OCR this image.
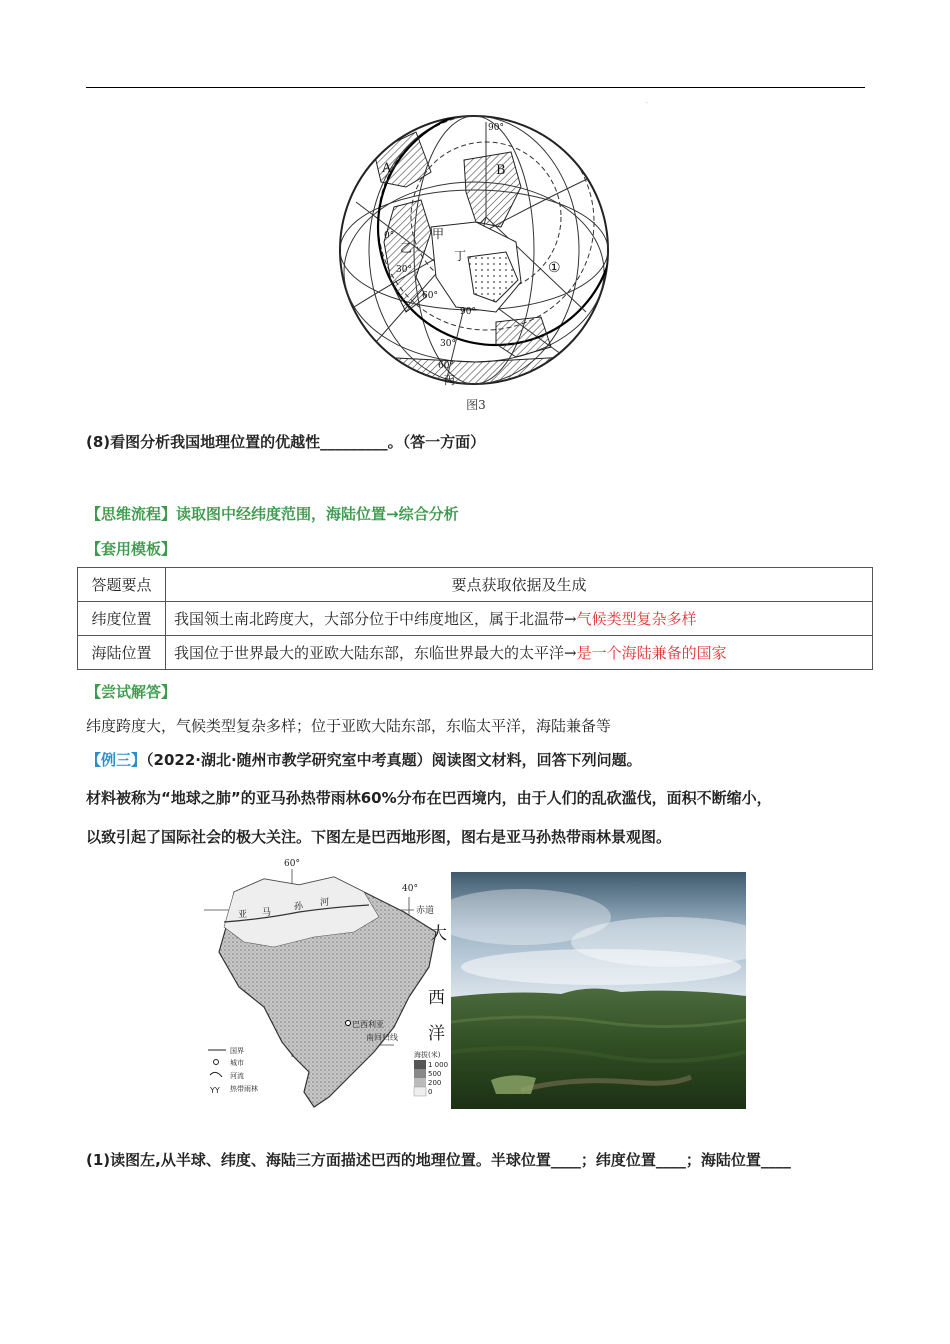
.
A	B
甲
乙
丁
丙
①
90°
0°
30°
60°
90°
30°
60°
图3
(8)看图分析我国地理位置的优越性_________。（答一方面）
【思维流程】读取图中经纬度范围，海陆位置→综合分析
【套用模板】
答题要点	要点获取依据及生成
纬度位置	我国领土南北跨度大，大部分位于中纬度地区，属于北温带→气候类型复杂多样
海陆位置	我国位于世界最大的亚欧大陆东部，东临世界最大的太平洋→是一个海陆兼备的国家
【尝试解答】
纬度跨度大，气候类型复杂多样；位于亚欧大陆东部，东临太平洋，海陆兼备等
【例三】（2022·湖北·随州市教学研究室中考真题）阅读图文材料，回答下列问题。
材料被称为“地球之肺”的亚马孙热带雨林60%分布在巴西境内，由于人们的乱砍滥伐，面积不断缩小，
以致引起了国际社会的极大关注。下图左是巴西地形图，图右是亚马孙热带雨林景观图。
60°
40°
赤道
亚 马
孙 河
巴西利亚
南回归线
大
西
洋
国界
城市
河流
ΥΥ 热带雨林
海拔(米)
1 000
500
200
0
(1)读图左,从半球、纬度、海陆三方面描述巴西的地理位置。半球位置____；纬度位置____；海陆位置____
